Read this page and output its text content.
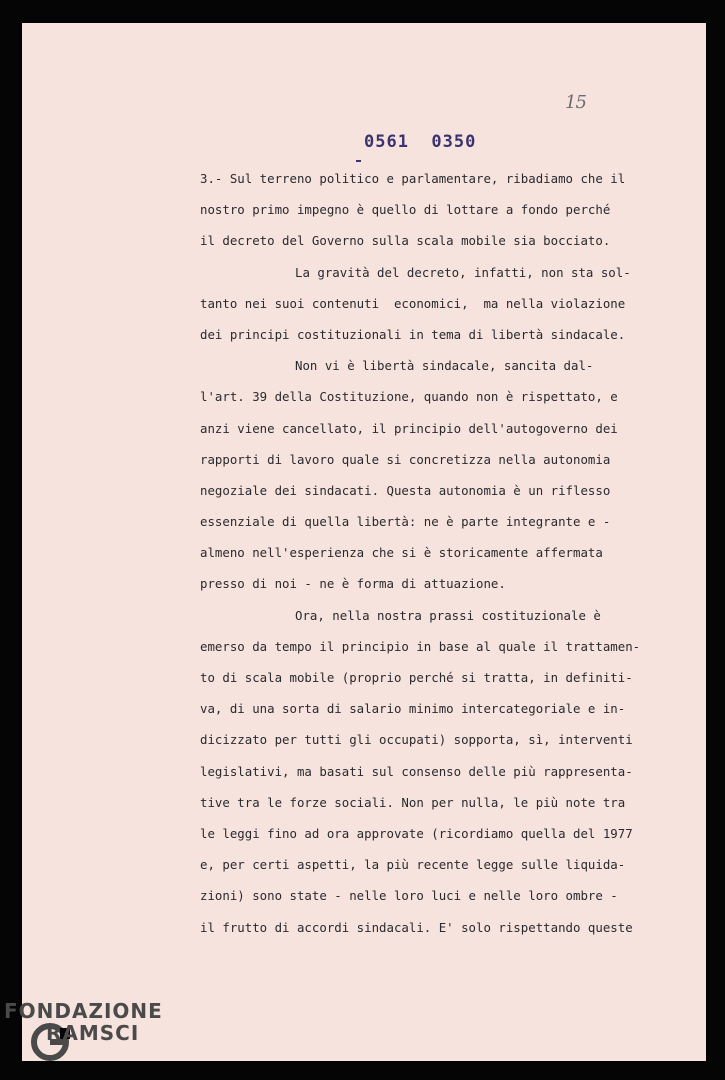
15
0561  0350
3.- Sul terreno politico e parlamentare, ribadiamo che il
nostro primo impegno è quello di lottare a fondo perché
il decreto del Governo sulla scala mobile sia bocciato.
La gravità del decreto, infatti, non sta sol-
tanto nei suoi contenuti  economici,  ma nella violazione
dei principi costituzionali in tema di libertà sindacale.
Non vi è libertà sindacale, sancita dal-
l'art. 39 della Costituzione, quando non è rispettato, e
anzi viene cancellato, il principio dell'autogoverno dei
rapporti di lavoro quale si concretizza nella autonomia
negoziale dei sindacati. Questa autonomia è un riflesso
essenziale di quella libertà: ne è parte integrante e -
almeno nell'esperienza che si è storicamente affermata
presso di noi - ne è forma di attuazione.
Ora, nella nostra prassi costituzionale è
emerso da tempo il principio in base al quale il trattamen-
to di scala mobile (proprio perché si tratta, in definiti-
va, di una sorta di salario minimo intercategoriale e in-
dicizzato per tutti gli occupati) sopporta, sì, interventi
legislativi, ma basati sul consenso delle più rappresenta-
tive tra le forze sociali. Non per nulla, le più note tra
le leggi fino ad ora approvate (ricordiamo quella del 1977
e, per certi aspetti, la più recente legge sulle liquida-
zioni) sono state - nelle loro luci e nelle loro ombre -
il frutto di accordi sindacali. E' solo rispettando queste
FONDAZIONE
RAMSCI
